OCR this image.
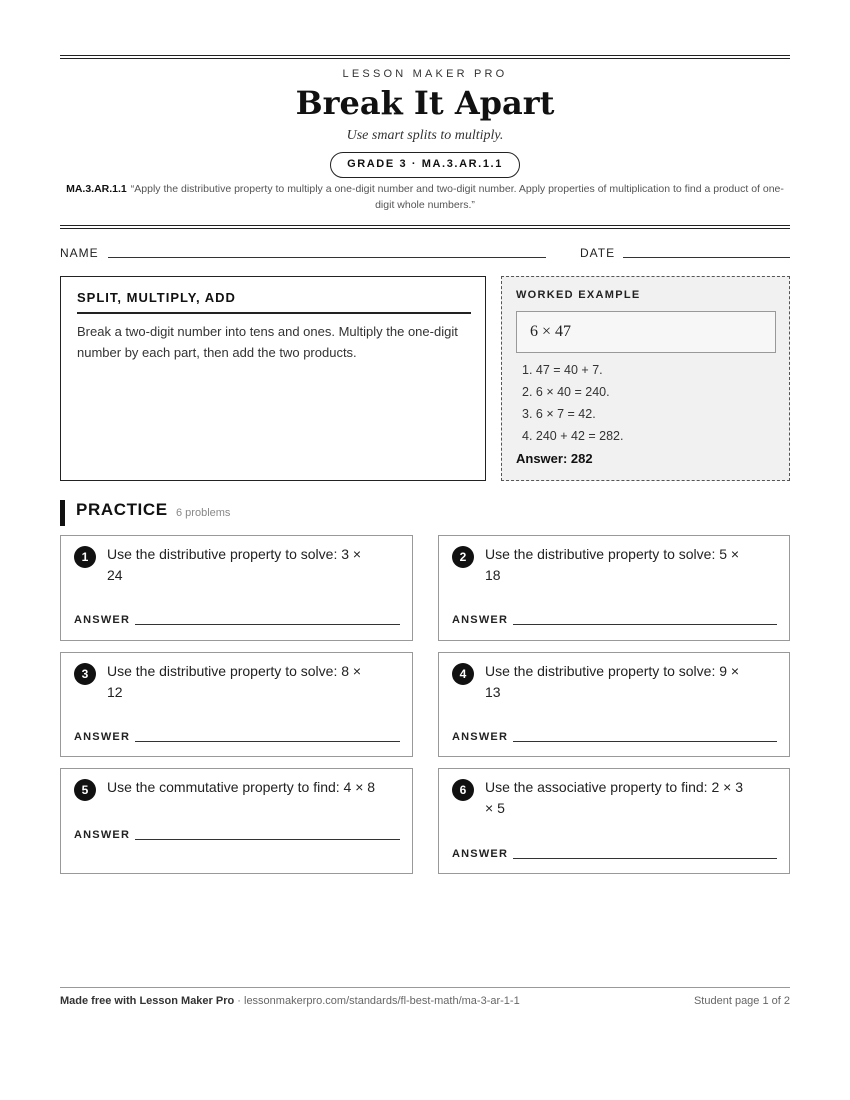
LESSON MAKER PRO
Break It Apart
Use smart splits to multiply.
GRADE 3 · MA.3.AR.1.1
MA.3.AR.1.1 “Apply the distributive property to multiply a one-digit number and two-digit number. Apply properties of multiplication to find a product of one-digit whole numbers.”
NAME	DATE
SPLIT, MULTIPLY, ADD
Break a two-digit number into tens and ones. Multiply the one-digit number by each part, then add the two products.
WORKED EXAMPLE
6 × 47
1. 47 = 40 + 7.
2. 6 × 40 = 240.
3. 6 × 7 = 42.
4. 240 + 42 = 282.
Answer: 282
PRACTICE 6 problems
1	Use the distributive property to solve: 3 × 24
ANSWER
2	Use the distributive property to solve: 5 × 18
ANSWER
3	Use the distributive property to solve: 8 × 12
ANSWER
4	Use the distributive property to solve: 9 × 13
ANSWER
5	Use the commutative property to find: 4 × 8
ANSWER
6	Use the associative property to find: 2 × 3 × 5
ANSWER
Made free with Lesson Maker Pro · lessonmakerpro.com/standards/fl-best-math/ma-3-ar-1-1	Student page 1 of 2
